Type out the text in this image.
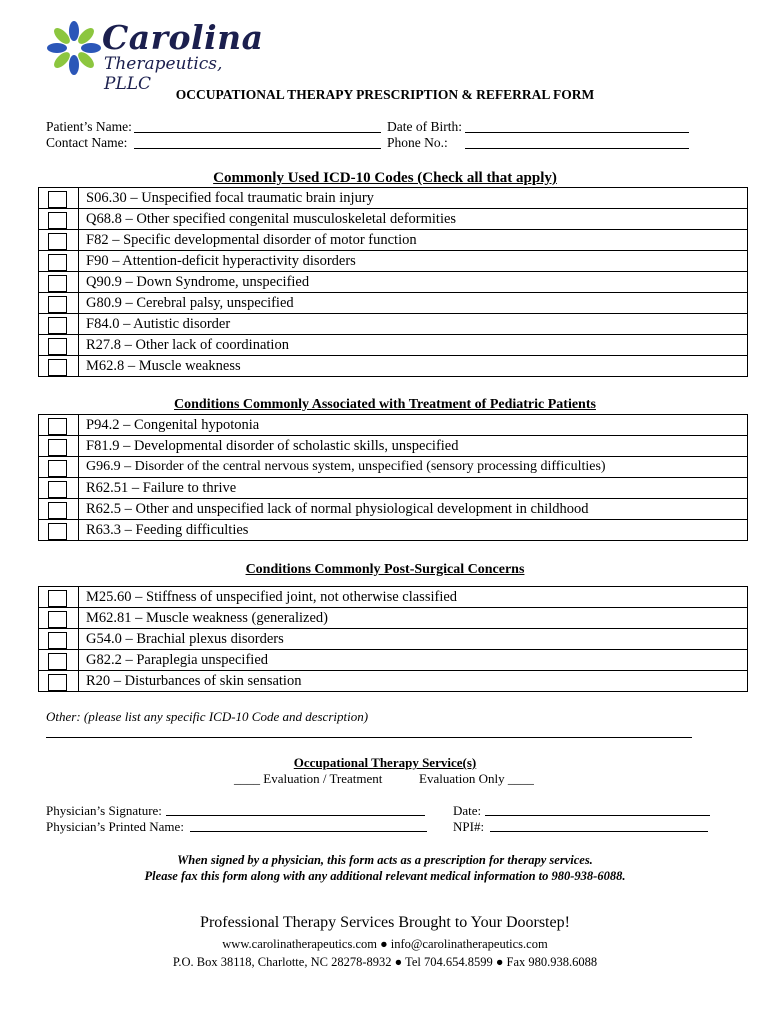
Carolina
Therapeutics, PLLC
OCCUPATIONAL THERAPY PRESCRIPTION & REFERRAL FORM
Patient’s Name:	Date of Birth:
Contact Name:	Phone No.:
Commonly Used ICD-10 Codes (Check all that apply)
	S06.30 – Unspecified focal traumatic brain injury

	Q68.8 – Other specified congenital musculoskeletal deformities

	F82 – Specific developmental disorder of motor function

	F90 – Attention-deficit hyperactivity disorders

	Q90.9 – Down Syndrome, unspecified

	G80.9 – Cerebral palsy, unspecified

	F84.0 – Autistic disorder

	R27.8 – Other lack of coordination

	M62.8 – Muscle weakness
Conditions Commonly Associated with Treatment of Pediatric Patients
	P94.2 – Congenital hypotonia

	F81.9 – Developmental disorder of scholastic skills, unspecified

	G96.9 – Disorder of the central nervous system, unspecified (sensory processing difficulties)

	R62.51 – Failure to thrive

	R62.5 – Other and unspecified lack of normal physiological development in childhood

	R63.3 – Feeding difficulties
Conditions Commonly Post-Surgical Concerns
	M25.60 – Stiffness of unspecified joint, not otherwise classified

	M62.81 – Muscle weakness (generalized)

	G54.0 – Brachial plexus disorders

	G82.2 – Paraplegia unspecified

	R20 – Disturbances of skin sensation
Other: (please list any specific ICD-10 Code and description)
Occupational Therapy Service(s)
____ Evaluation / Treatment	Evaluation Only ____
Physician’s Signature:	Date:
Physician’s Printed Name:	NPI#:
When signed by a physician, this form acts as a prescription for therapy services.
Please fax this form along with any additional relevant medical information to 980-938-6088.
Professional Therapy Services Brought to Your Doorstep!
www.carolinatherapeutics.com ● info@carolinatherapeutics.com
P.O. Box 38118, Charlotte, NC 28278-8932 ● Tel 704.654.8599 ● Fax 980.938.6088
